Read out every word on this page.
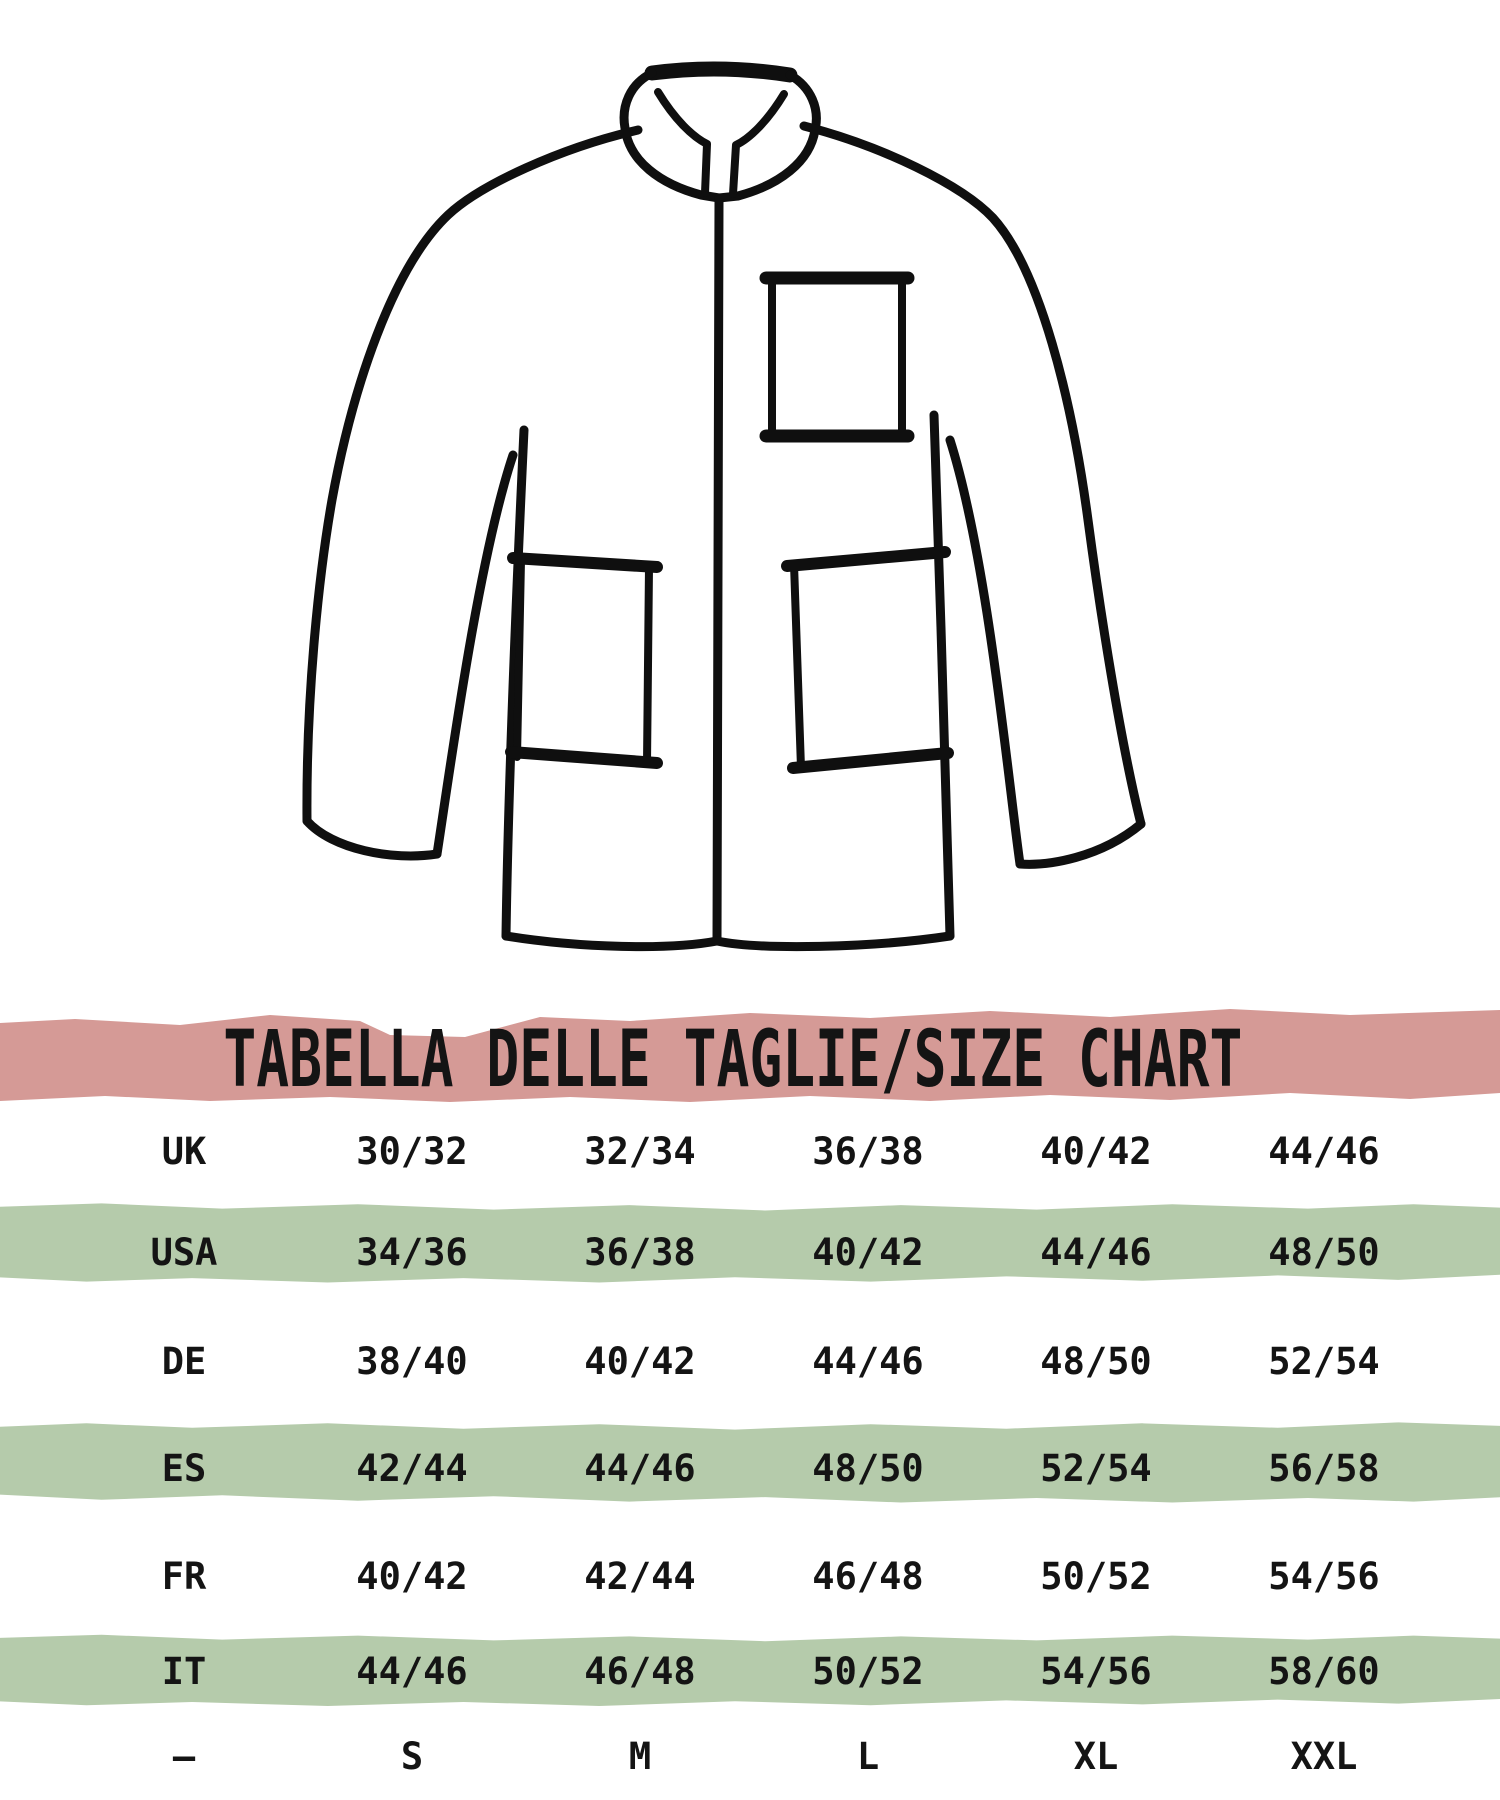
TABELLA DELLE TAGLIE/SIZE CHART
UK	30/32	32/34	36/38	40/42	44/46
USA	34/36	36/38	40/42	44/46	48/50
DE	38/40	40/42	44/46	48/50	52/54
ES	42/44	44/46	48/50	52/54	56/58
FR	40/42	42/44	46/48	50/52	54/56
IT	44/46	46/48	50/52	54/56	58/60
–	S	M	L	XL	XXL
